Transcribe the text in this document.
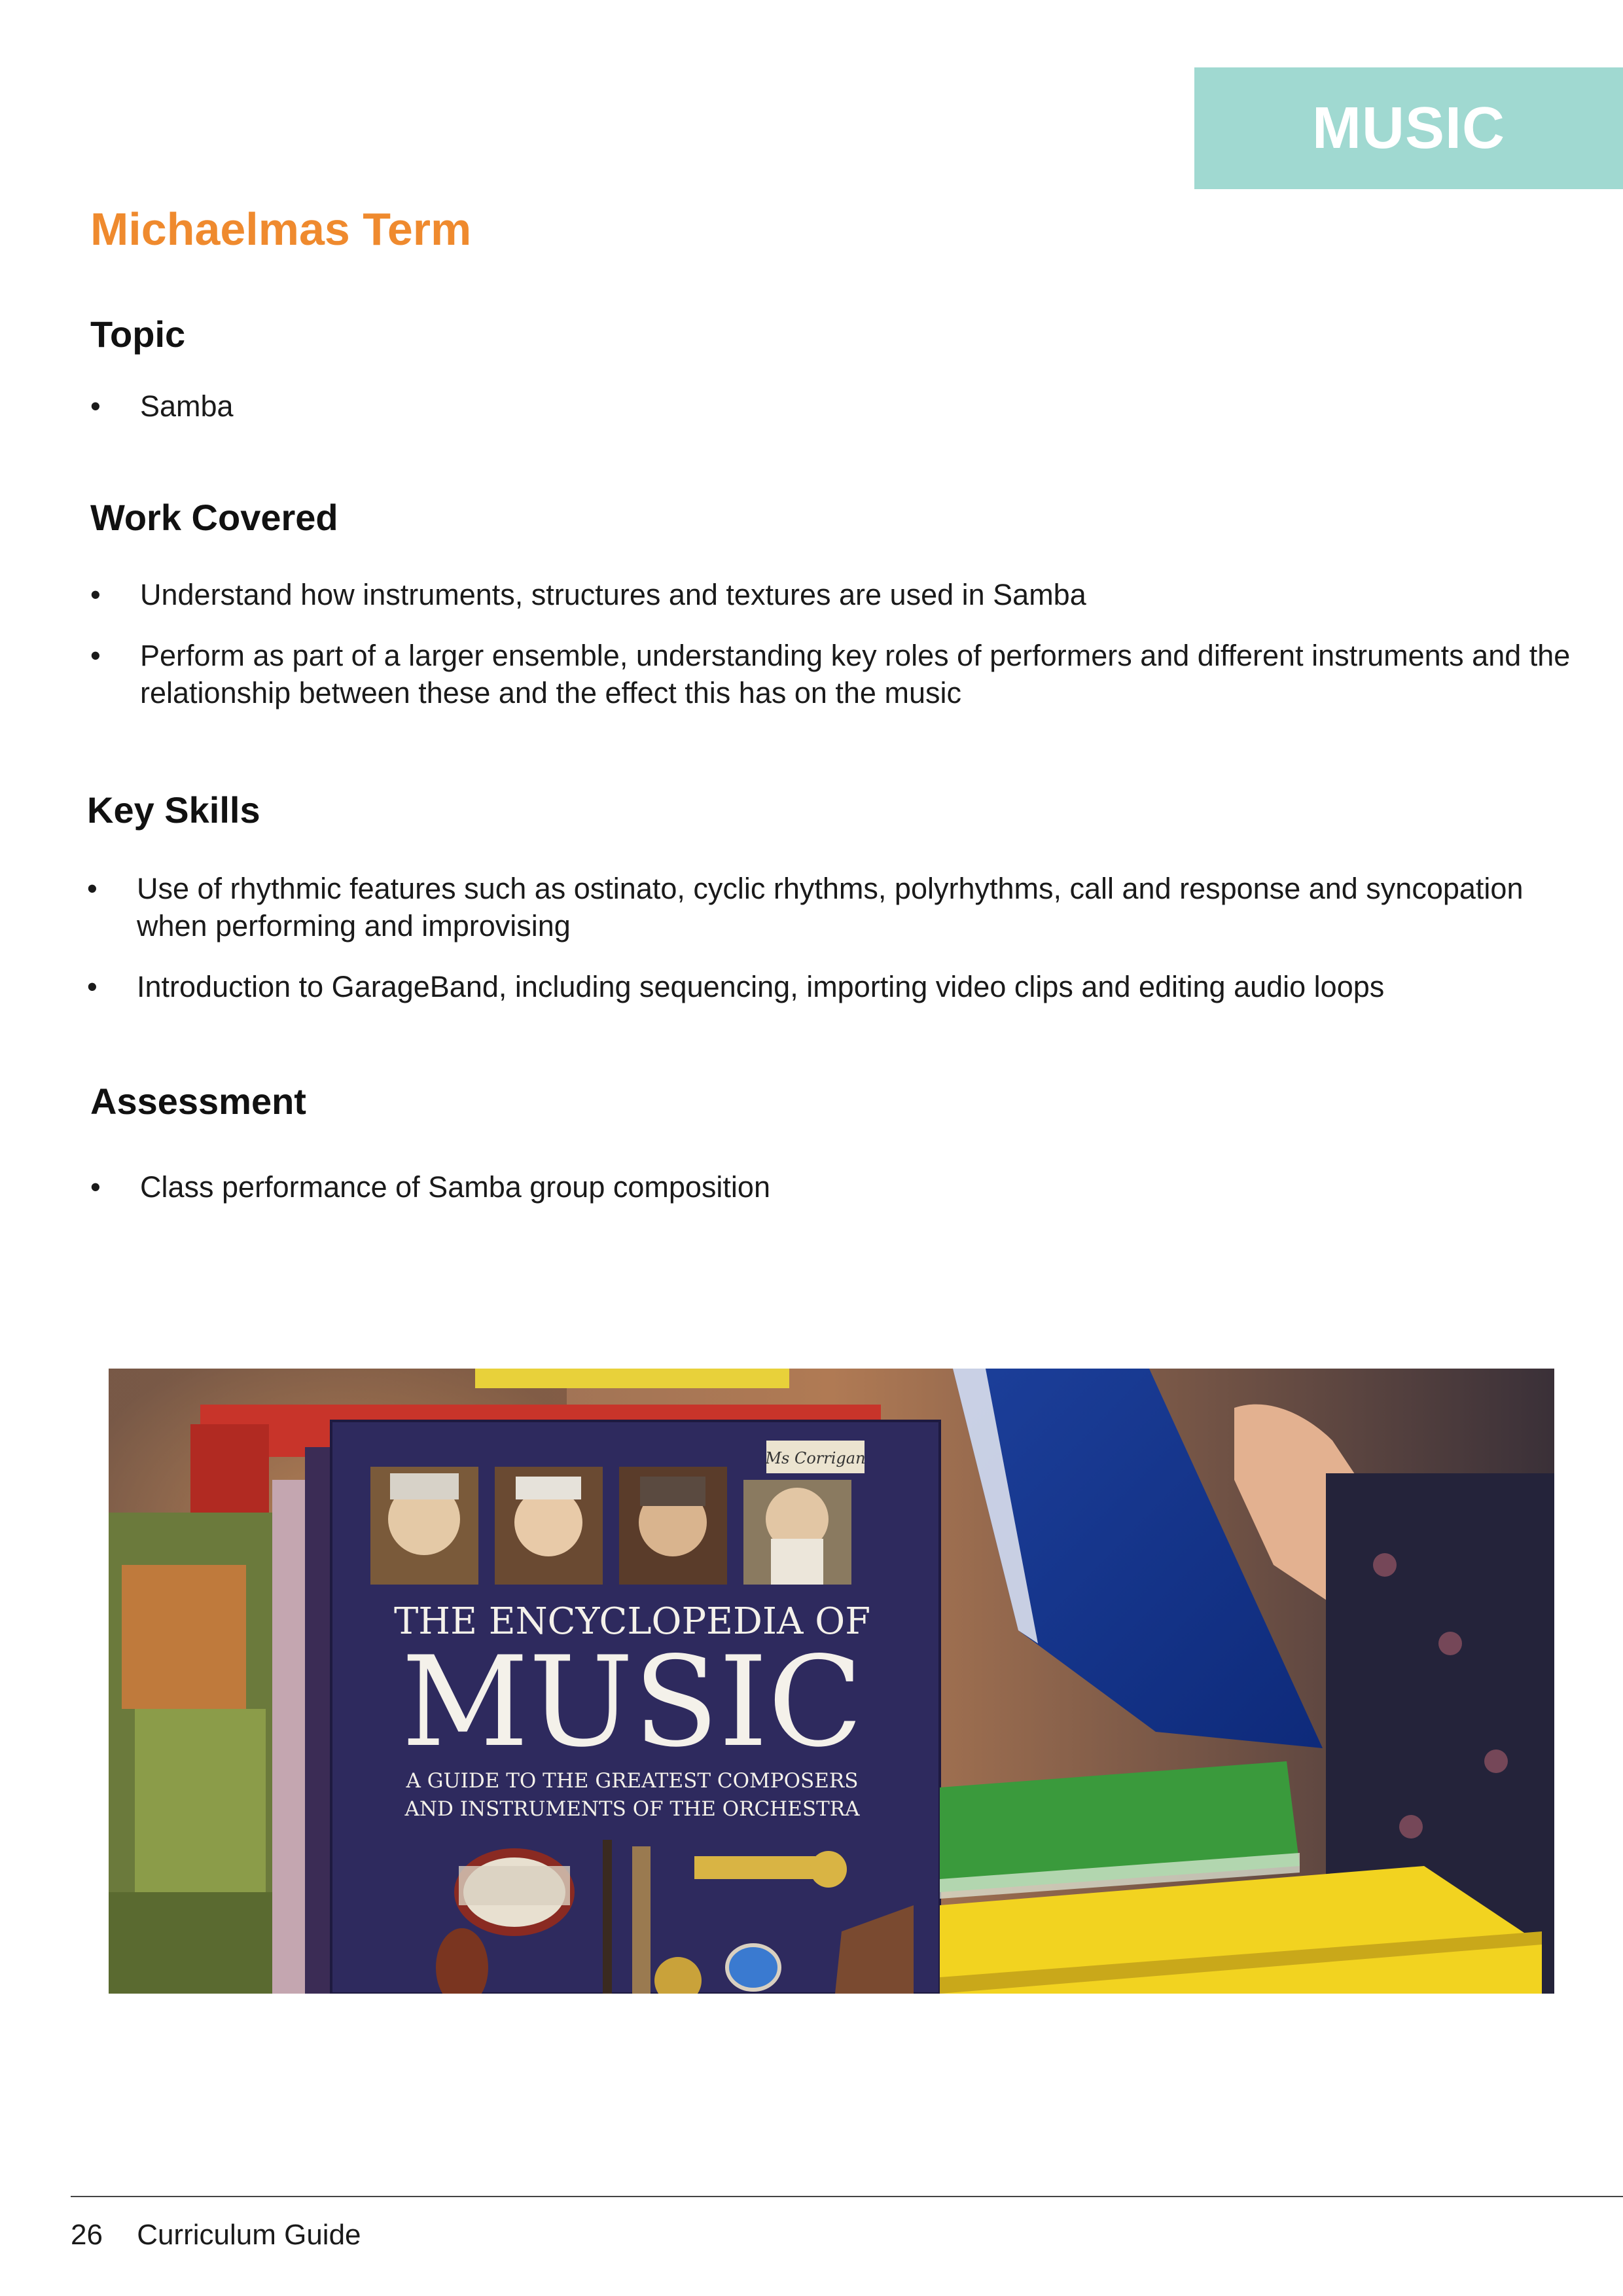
MUSIC
Michaelmas Term
Topic
•	Samba
Work Covered
•	Understand how instruments, structures and textures are used in Samba
•	Perform as part of a larger ensemble, understanding key roles of performers and different instruments and the relationship between these and the effect this has on the music
Key Skills
•	Use of rhythmic features such as ostinato, cyclic rhythms, polyrhythms, call and response and syncopation when performing and improvising
•	Introduction to GarageBand, including sequencing, importing video clips and editing audio loops
Assessment
•	Class performance of Samba group composition
Ms Corrigan
THE ENCYCLOPEDIA OF
MUSIC
A GUIDE TO THE GREATEST COMPOSERS
AND INSTRUMENTS OF THE ORCHESTRA
26 Curriculum Guide
